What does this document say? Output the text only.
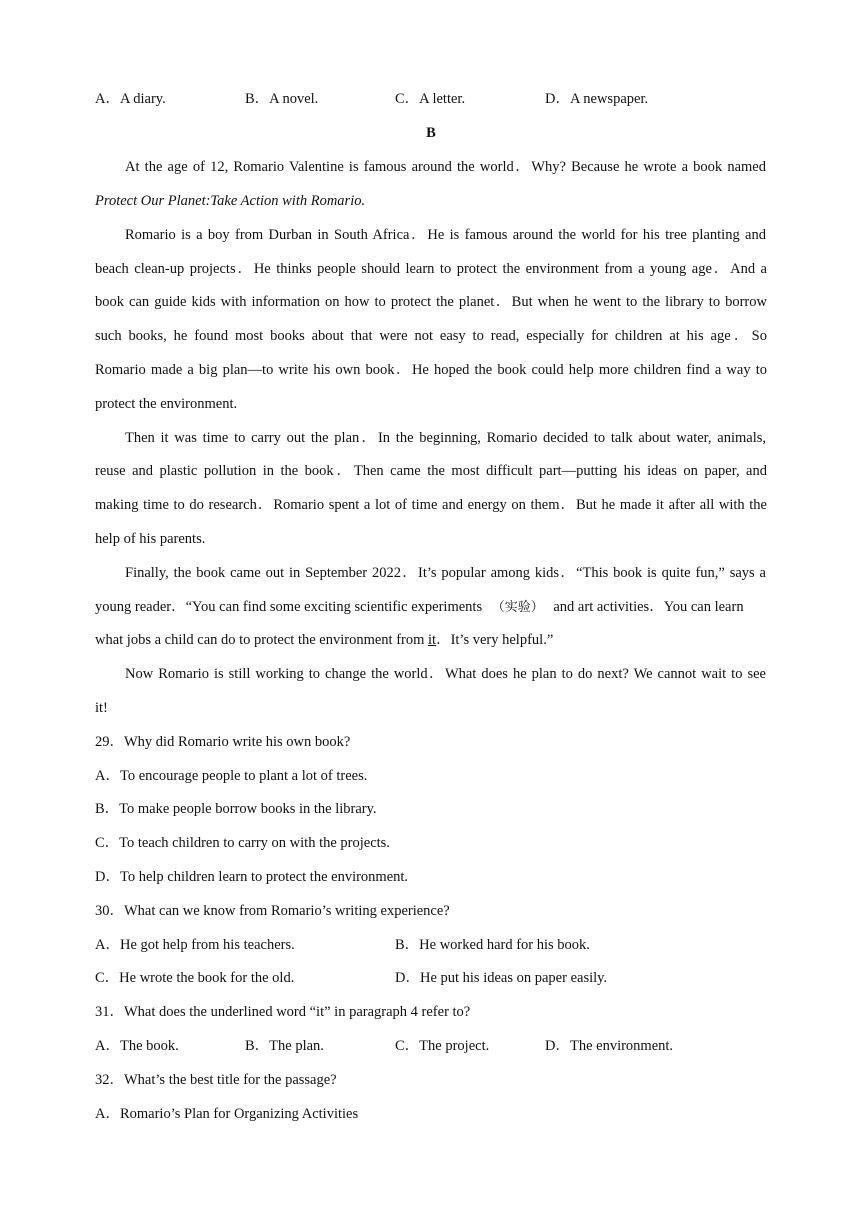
A．A diary.	B．A novel.	C．A letter.	D．A newspaper.
B
At the age of 12, Romario Valentine is famous around the world．Why? Because he wrote a book named
Protect Our Planet:Take Action with Romario.
Romario is a boy from Durban in South Africa．He is famous around the world for his tree planting and
beach clean-up projects．He thinks people should learn to protect the environment from a young age．And a
book can guide kids with information on how to protect the planet．But when he went to the library to borrow
such books, he found most books about that were not easy to read, especially for children at his age．So
Romario made a big plan—to write his own book．He hoped the book could help more children find a way to
protect the environment.
Then it was time to carry out the plan．In the beginning, Romario decided to talk about water, animals,
reuse and plastic pollution in the book．Then came the most difficult part—putting his ideas on paper, and
making time to do research．Romario spent a lot of time and energy on them．But he made it after all with the
help of his parents.
Finally, the book came out in September 2022．It’s popular among kids．“This book is quite fun,” says a
young reader．“You can find some exciting scientific experiments （实验） and art activities．You can learn
what jobs a child can do to protect the environment from it．It’s very helpful.”
Now Romario is still working to change the world．What does he plan to do next? We cannot wait to see
it!
29．Why did Romario write his own book?
A．To encourage people to plant a lot of trees.
B．To make people borrow books in the library.
C．To teach children to carry on with the projects.
D．To help children learn to protect the environment.
30．What can we know from Romario’s writing experience?
A．He got help from his teachers.	B．He worked hard for his book.
C．He wrote the book for the old.	D．He put his ideas on paper easily.
31．What does the underlined word “it” in paragraph 4 refer to?
A．The book.	B．The plan.	C．The project.	D．The environment.
32．What’s the best title for the passage?
A．Romario’s Plan for Organizing Activities
